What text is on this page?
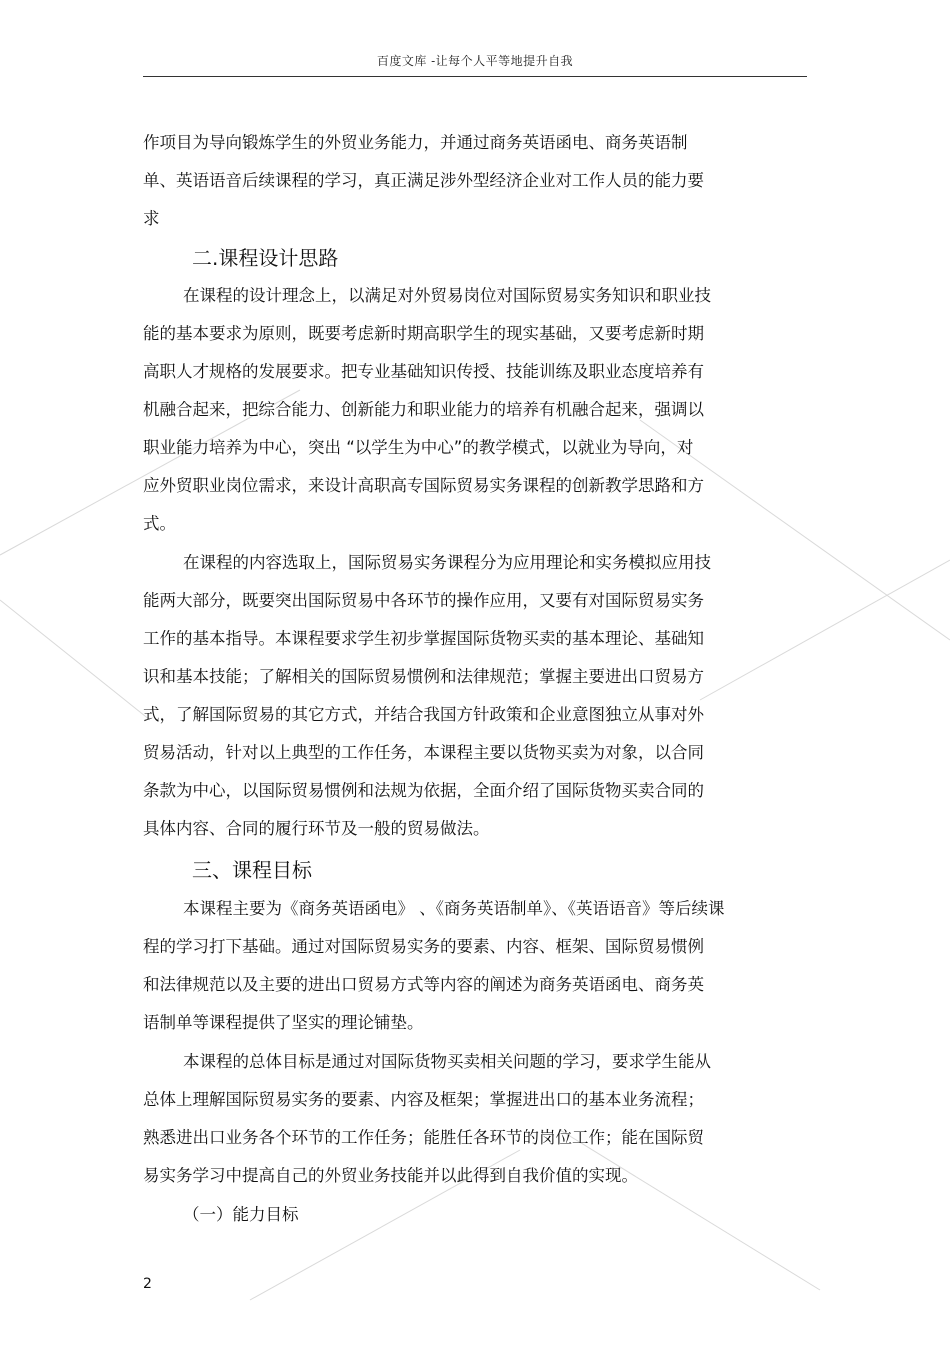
百度文库 -让每个人平等地提升自我
作项目为导向锻炼学生的外贸业务能力，并通过商务英语函电、商务英语制
单、英语语音后续课程的学习，真正满足涉外型经济企业对工作人员的能力要
求
二.课程设计思路
在课程的设计理念上，以满足对外贸易岗位对国际贸易实务知识和职业技
能的基本要求为原则，既要考虑新时期高职学生的现实基础，又要考虑新时期
高职人才规格的发展要求。把专业基础知识传授、技能训练及职业态度培养有
机融合起来，把综合能力、创新能力和职业能力的培养有机融合起来，强调以
职业能力培养为中心，突出 “以学生为中心”的教学模式，以就业为导向，对
应外贸职业岗位需求，来设计高职高专国际贸易实务课程的创新教学思路和方
式。
在课程的内容选取上，国际贸易实务课程分为应用理论和实务模拟应用技
能两大部分，既要突出国际贸易中各环节的操作应用，又要有对国际贸易实务
工作的基本指导。本课程要求学生初步掌握国际货物买卖的基本理论、基础知
识和基本技能；了解相关的国际贸易惯例和法律规范；掌握主要进出口贸易方
式，了解国际贸易的其它方式，并结合我国方针政策和企业意图独立从事对外
贸易活动，针对以上典型的工作任务，本课程主要以货物买卖为对象，以合同
条款为中心，以国际贸易惯例和法规为依据，全面介绍了国际货物买卖合同的
具体内容、合同的履行环节及一般的贸易做法。
三、课程目标
本课程主要为《商务英语函电》 、《商务英语制单》、《英语语音》等后续课
程的学习打下基础。通过对国际贸易实务的要素、内容、框架、国际贸易惯例
和法律规范以及主要的进出口贸易方式等内容的阐述为商务英语函电、商务英
语制单等课程提供了坚实的理论铺垫。
本课程的总体目标是通过对国际货物买卖相关问题的学习，要求学生能从
总体上理解国际贸易实务的要素、内容及框架；掌握进出口的基本业务流程；
熟悉进出口业务各个环节的工作任务；能胜任各环节的岗位工作；能在国际贸
易实务学习中提高自己的外贸业务技能并以此得到自我价值的实现。
（一）能力目标
2
